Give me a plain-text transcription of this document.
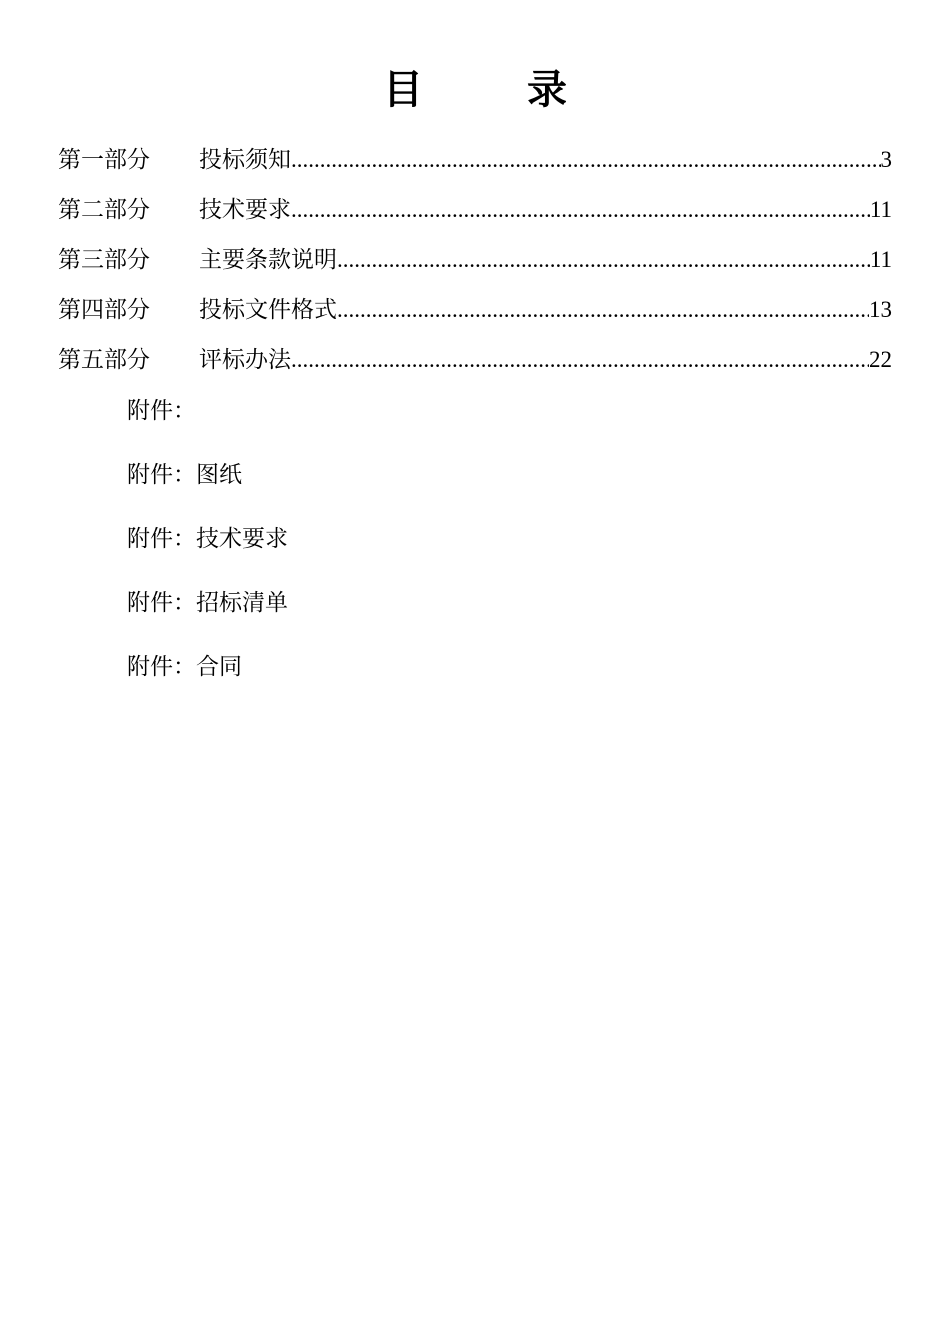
目	录
第一部分	投标须知 .....	3
第二部分	技术要求 .....	11
第三部分	主要条款说明 .....	11
第四部分	投标文件格式 .....	13
第五部分	评标办法 .....	22
附件：
附件：图纸
附件：技术要求
附件：招标清单
附件：合同
